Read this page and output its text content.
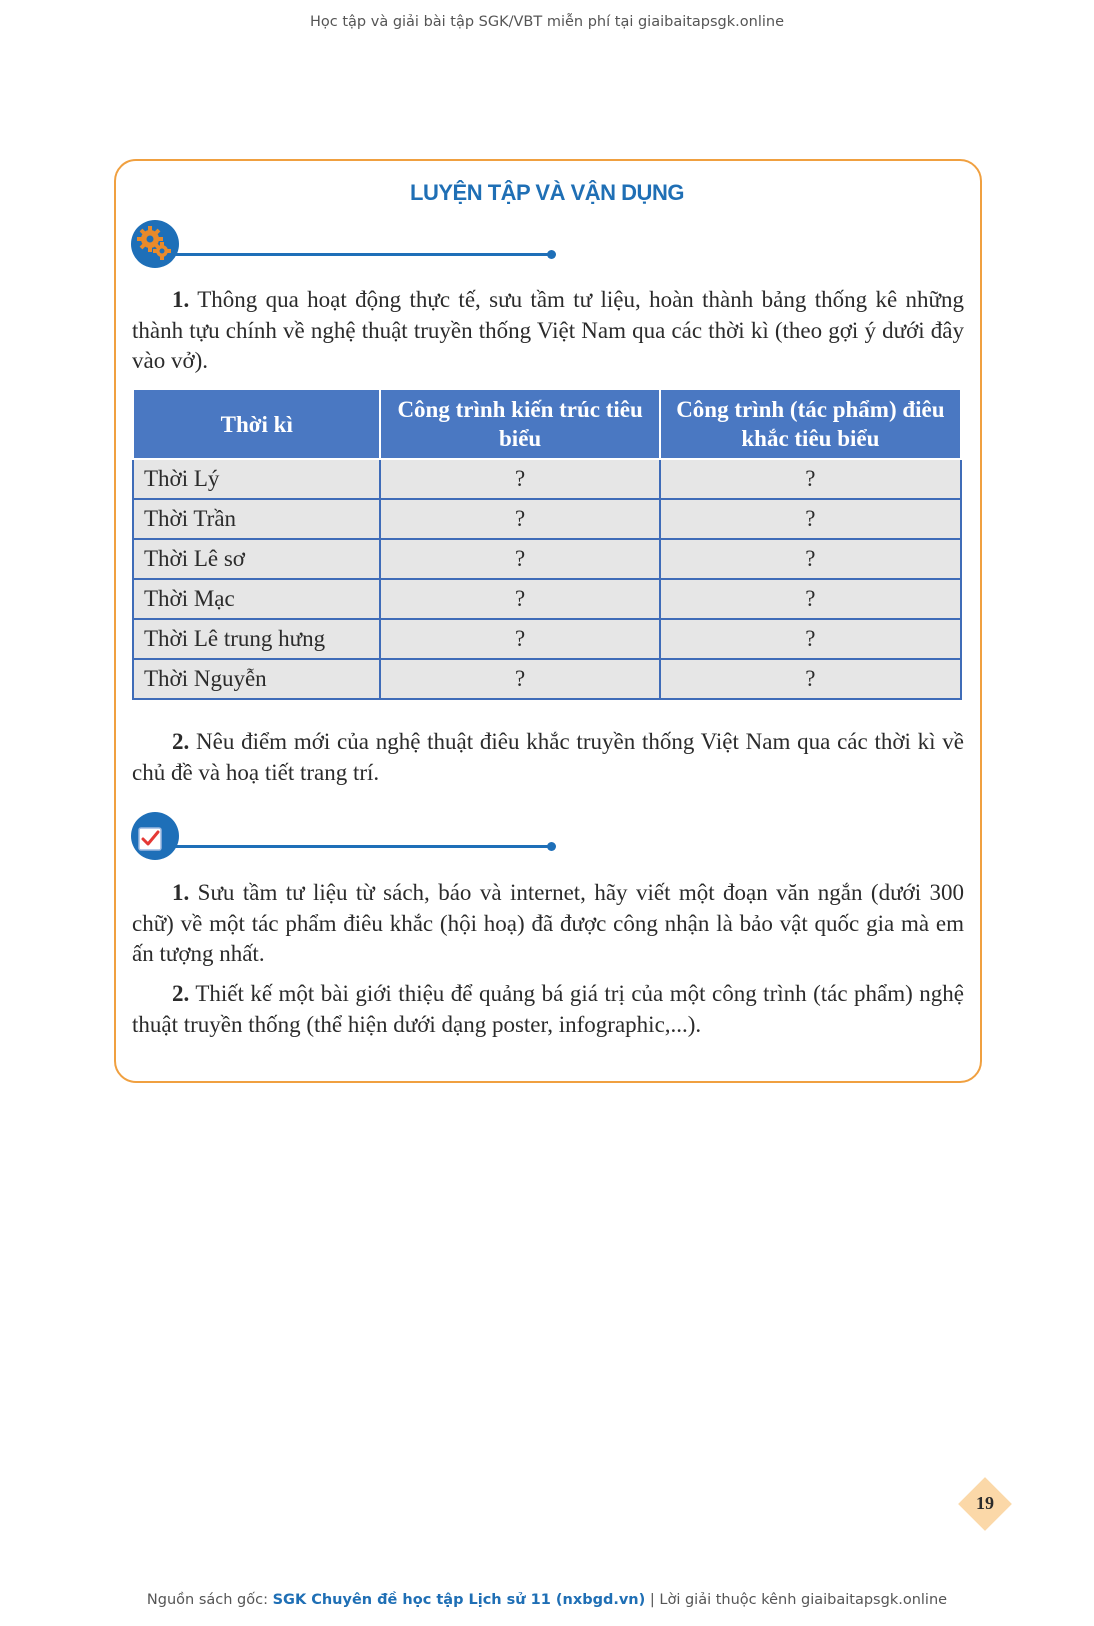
Học tập và giải bài tập SGK/VBT miễn phí tại giaibaitapsgk.online
LUYỆN TẬP VÀ VẬN DỤNG
1. Thông qua hoạt động thực tế, sưu tầm tư liệu, hoàn thành bảng thống kê những thành tựu chính về nghệ thuật truyền thống Việt Nam qua các thời kì (theo gợi ý dưới đây vào vở).
Thời kì	Công trình kiến trúc tiêu biểu	Công trình (tác phẩm) điêu khắc tiêu biểu
Thời Lý	?	?
Thời Trần	?	?
Thời Lê sơ	?	?
Thời Mạc	?	?
Thời Lê trung hưng	?	?
Thời Nguyễn	?	?
2. Nêu điểm mới của nghệ thuật điêu khắc truyền thống Việt Nam qua các thời kì về chủ đề và hoạ tiết trang trí.
1. Sưu tầm tư liệu từ sách, báo và internet, hãy viết một đoạn văn ngắn (dưới 300 chữ) về một tác phẩm điêu khắc (hội hoạ) đã được công nhận là bảo vật quốc gia mà em ấn tượng nhất.
2. Thiết kế một bài giới thiệu để quảng bá giá trị của một công trình (tác phẩm) nghệ thuật truyền thống (thể hiện dưới dạng poster, infographic,...).
19
Nguồn sách gốc: SGK Chuyên đề học tập Lịch sử 11 (nxbgd.vn) | Lời giải thuộc kênh giaibaitapsgk.online
